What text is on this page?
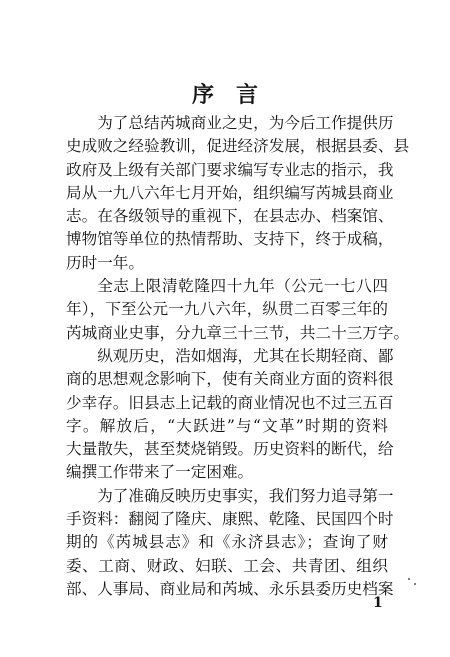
序言
为了总结芮城商业之史，为今后工作提供历
史成败之经验教训，促进经济发展，根据县委、县
政府及上级有关部门要求编写专业志的指示，我
局从一九八六年七月开始，组织编写芮城县商业
志。在各级领导的重视下，在县志办、档案馆、
博物馆等单位的热情帮助、支持下，终于成稿，
历时一年。
全志上限清乾隆四十九年（公元一七八四
年），下至公元一九八六年，纵贯二百零三年的
芮城商业史事，分九章三十三节，共二十三万字。
纵观历史，浩如烟海，尤其在长期轻商、鄙
商的思想观念影响下，使有关商业方面的资料很
少幸存。旧县志上记载的商业情况也不过三五百
字。解放后，“大跃进”与“文革”时期的资料
大量散失，甚至焚烧销毁。历史资料的断代，给
编撰工作带来了一定困难。
为了准确反映历史事实，我们努力追寻第一
手资料：翻阅了隆庆、康熙、乾隆、民国四个时
期的《芮城县志》和《永济县志》；查询了财
委、工商、财政、妇联、工会、共青团、组织
部、人事局、商业局和芮城、永乐县委历史档案
1
